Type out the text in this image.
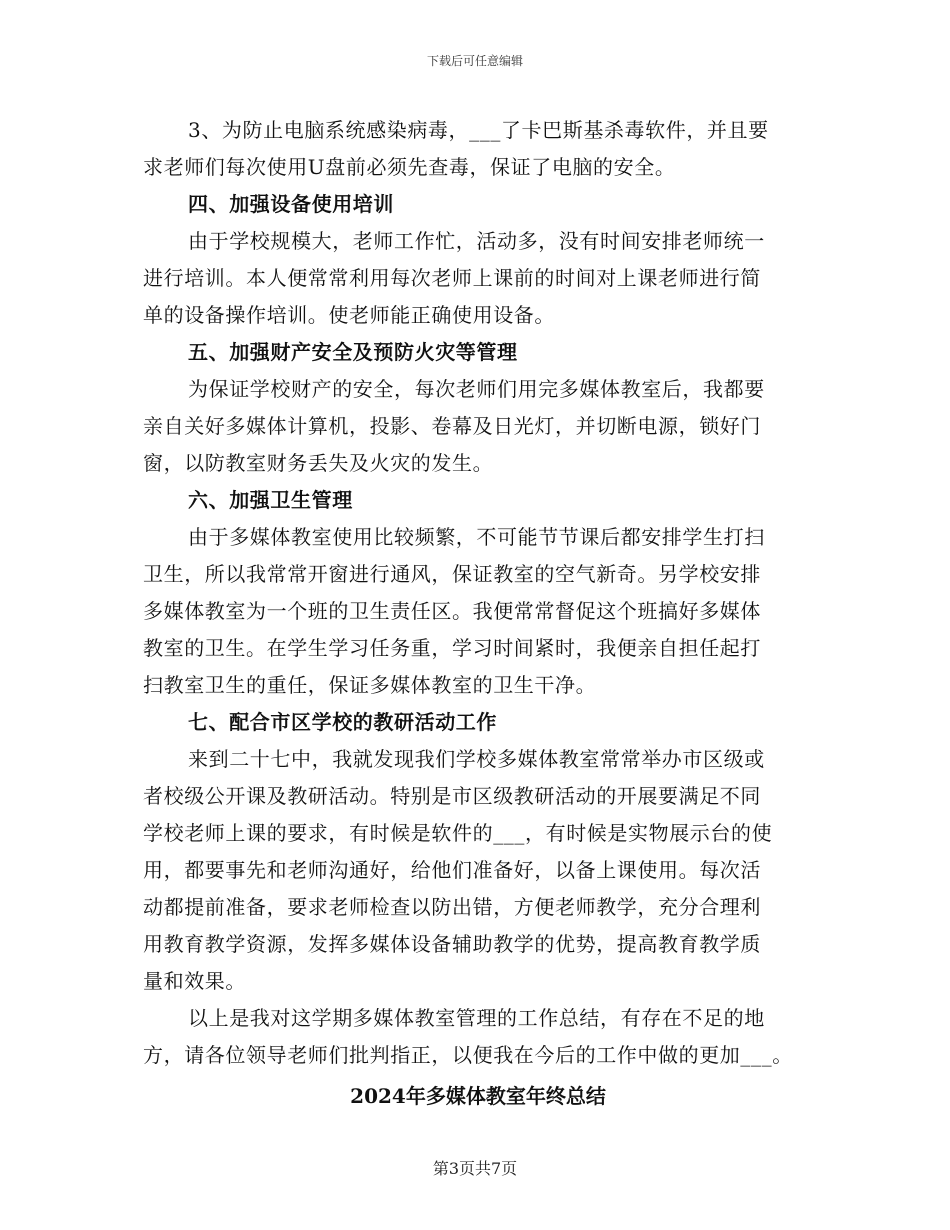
下载后可任意编辑
3、为防止电脑系统感染病毒，___了卡巴斯基杀毒软件，并且要
求老师们每次使用U盘前必须先查毒，保证了电脑的安全。
四、加强设备使用培训
由于学校规模大，老师工作忙，活动多，没有时间安排老师统一
进行培训。本人便常常利用每次老师上课前的时间对上课老师进行简
单的设备操作培训。使老师能正确使用设备。
五、加强财产安全及预防火灾等管理
为保证学校财产的安全，每次老师们用完多媒体教室后，我都要
亲自关好多媒体计算机，投影、卷幕及日光灯，并切断电源，锁好门
窗，以防教室财务丢失及火灾的发生。
六、加强卫生管理
由于多媒体教室使用比较频繁，不可能节节课后都安排学生打扫
卫生，所以我常常开窗进行通风，保证教室的空气新奇。另学校安排
多媒体教室为一个班的卫生责任区。我便常常督促这个班搞好多媒体
教室的卫生。在学生学习任务重，学习时间紧时，我便亲自担任起打
扫教室卫生的重任，保证多媒体教室的卫生干净。
七、配合市区学校的教研活动工作
来到二十七中，我就发现我们学校多媒体教室常常举办市区级或
者校级公开课及教研活动。特别是市区级教研活动的开展要满足不同
学校老师上课的要求，有时候是软件的___，有时候是实物展示台的使
用，都要事先和老师沟通好，给他们准备好，以备上课使用。每次活
动都提前准备，要求老师检查以防出错，方便老师教学，充分合理利
用教育教学资源，发挥多媒体设备辅助教学的优势，提高教育教学质
量和效果。
以上是我对这学期多媒体教室管理的工作总结，有存在不足的地
方，请各位领导老师们批判指正，以便我在今后的工作中做的更加___。
2024年多媒体教室年终总结
第3页共7页
